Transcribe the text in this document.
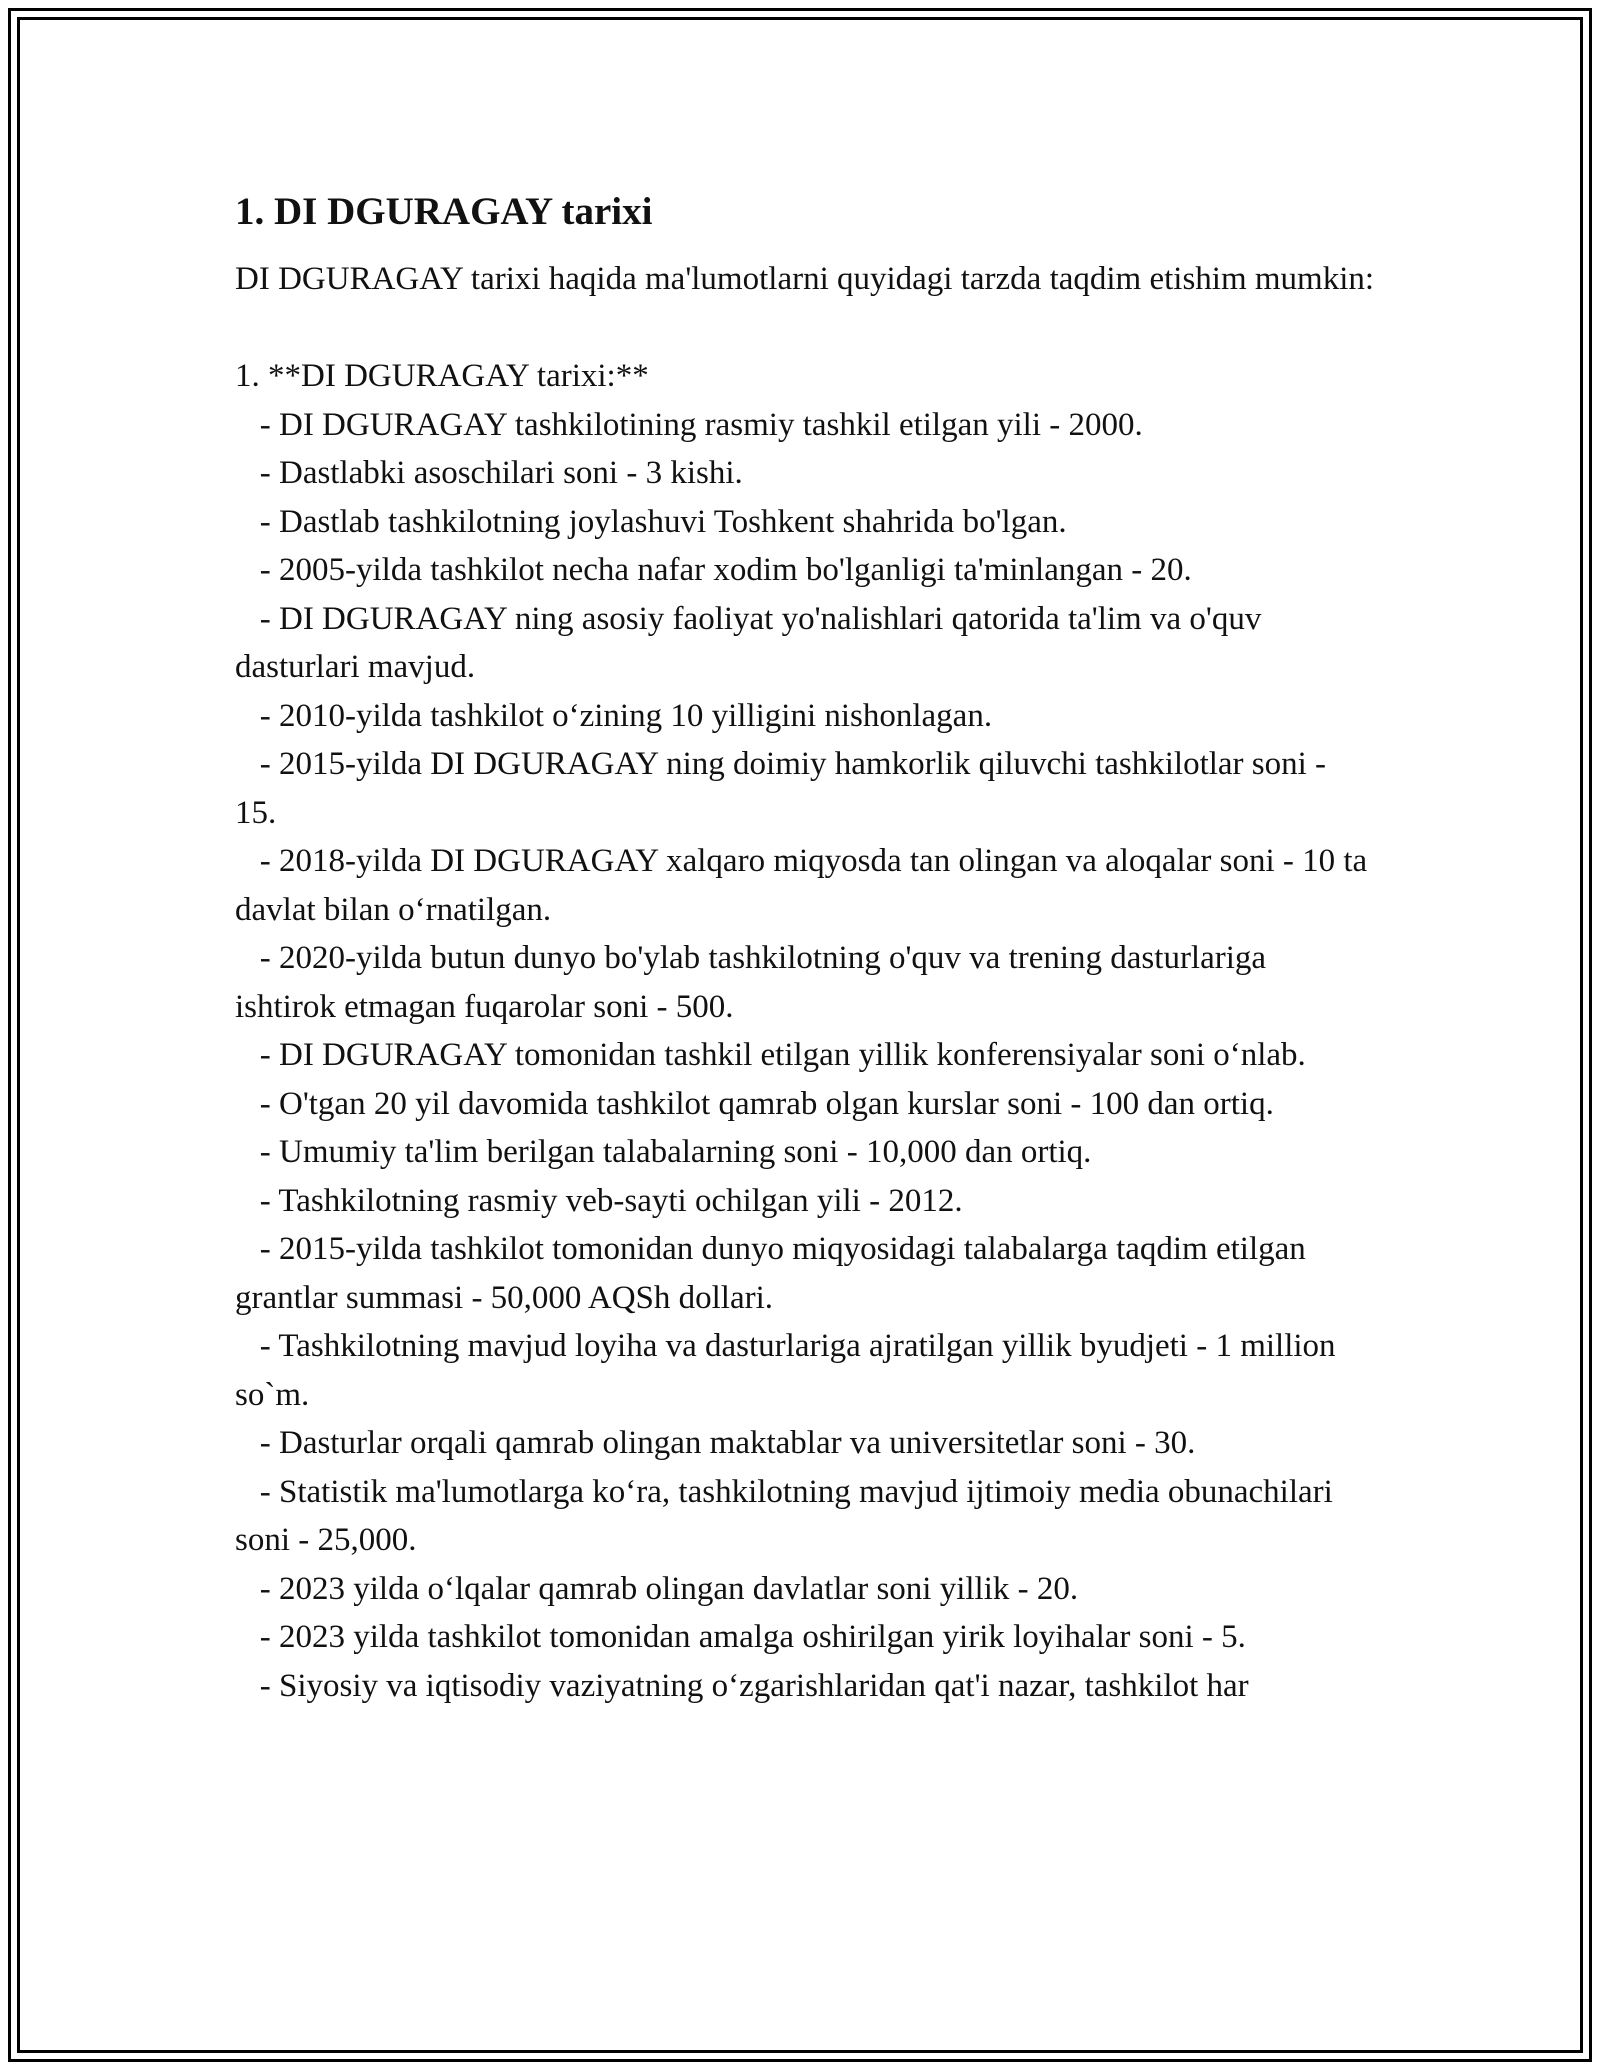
1. DI DGURAGAY tarixi

DI DGURAGAY tarixi haqida ma'lumotlarni quyidagi tarzda taqdim etishim mumkin:

1. **DI DGURAGAY tarixi:**

- DI DGURAGAY tashkilotining rasmiy tashkil etilgan yili - 2000.
- Dastlabki asoschilari soni - 3 kishi.
- Dastlab tashkilotning joylashuvi Toshkent shahrida bo'lgan.
- 2005-yilda tashkilot necha nafar xodim bo'lganligi ta'minlangan - 20.
- DI DGURAGAY ning asosiy faoliyat yo'nalishlari qatorida ta'lim va o'quv dasturlari mavjud.
- 2010-yilda tashkilot o‘zining 10 yilligini nishonlagan.
- 2015-yilda DI DGURAGAY ning doimiy hamkorlik qiluvchi tashkilotlar soni - 15.
- 2018-yilda DI DGURAGAY xalqaro miqyosda tan olingan va aloqalar soni - 10 ta davlat bilan o‘rnatilgan.
- 2020-yilda butun dunyo bo'ylab tashkilotning o'quv va trening dasturlariga ishtirok etmagan fuqarolar soni - 500.
- DI DGURAGAY tomonidan tashkil etilgan yillik konferensiyalar soni o‘nlab.
- O'tgan 20 yil davomida tashkilot qamrab olgan kurslar soni - 100 dan ortiq.
- Umumiy ta'lim berilgan talabalarning soni - 10,000 dan ortiq.
- Tashkilotning rasmiy veb-sayti ochilgan yili - 2012.
- 2015-yilda tashkilot tomonidan dunyo miqyosidagi talabalarga taqdim etilgan grantlar summasi - 50,000 AQSh dollari.
- Tashkilotning mavjud loyiha va dasturlariga ajratilgan yillik byudjeti - 1 million so`m.
- Dasturlar orqali qamrab olingan maktablar va universitetlar soni - 30.
- Statistik ma'lumotlarga ko‘ra, tashkilotning mavjud ijtimoiy media obunachilari soni - 25,000.
- 2023 yilda o‘lqalar qamrab olingan davlatlar soni yillik - 20.
- 2023 yilda tashkilot tomonidan amalga oshirilgan yirik loyihalar soni - 5.
- Siyosiy va iqtisodiy vaziyatning o‘zgarishlaridan qat'i nazar, tashkilot har
